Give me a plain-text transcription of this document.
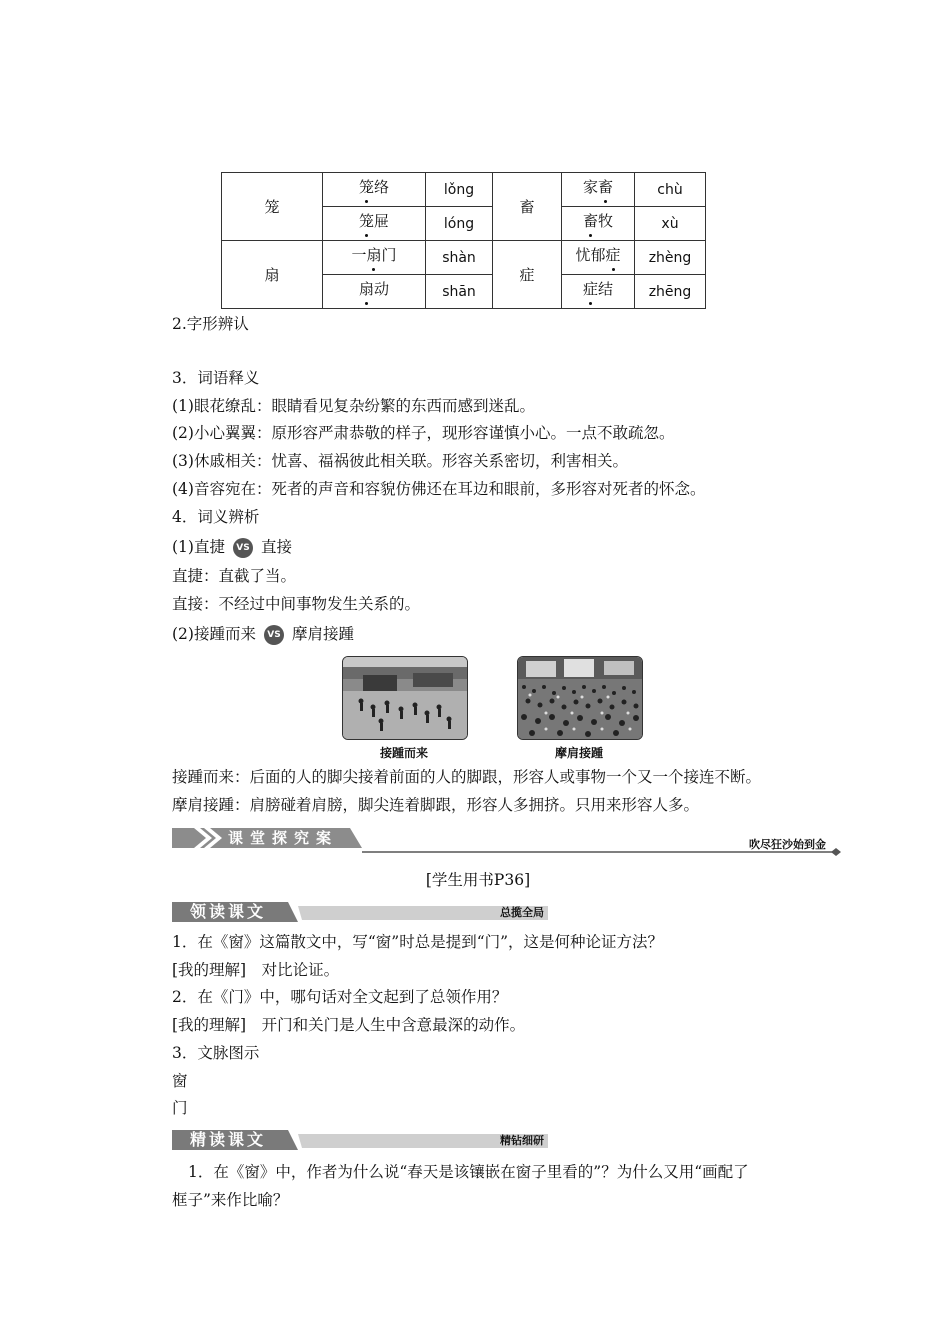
笼	笼络	lǒng	畜	家畜	chù
	笼屉	lóng		畜牧	xù
扇	一扇门	shàn	症	忧郁症	zhèng
	扇动	shān		症结	zhēng
2.字形辨认
3．词语释义
(1)眼花缭乱：眼睛看见复杂纷繁的东西而感到迷乱。
(2)小心翼翼：原形容严肃恭敬的样子，现形容谨慎小心。一点不敢疏忽。
(3)休戚相关：忧喜、福祸彼此相关联。形容关系密切，利害相关。
(4)音容宛在：死者的声音和容貌仿佛还在耳边和眼前，多形容对死者的怀念。
4．词义辨析
(1)直捷 VS 直接
直捷：直截了当。
直接：不经过中间事物发生关系的。
(2)接踵而来 VS 摩肩接踵
接踵而来	摩肩接踵
接踵而来：后面的人的脚尖接着前面的人的脚跟，形容人或事物一个又一个接连不断。
摩肩接踵：肩膀碰着肩膀，脚尖连着脚跟，形容人多拥挤。只用来形容人多。
课堂探究案	吹尽狂沙始到金
[学生用书P36]
领读课文	总揽全局
1．在《窗》这篇散文中，写“窗”时总是提到“门”，这是何种论证方法？
[我的理解]　对比论证。
2．在《门》中，哪句话对全文起到了总领作用？
[我的理解]　开门和关门是人生中含意最深的动作。
3．文脉图示
窗
门
精读课文	精钻细研
1．在《窗》中，作者为什么说“春天是该镶嵌在窗子里看的”？为什么又用“画配了
框子”来作比喻？
